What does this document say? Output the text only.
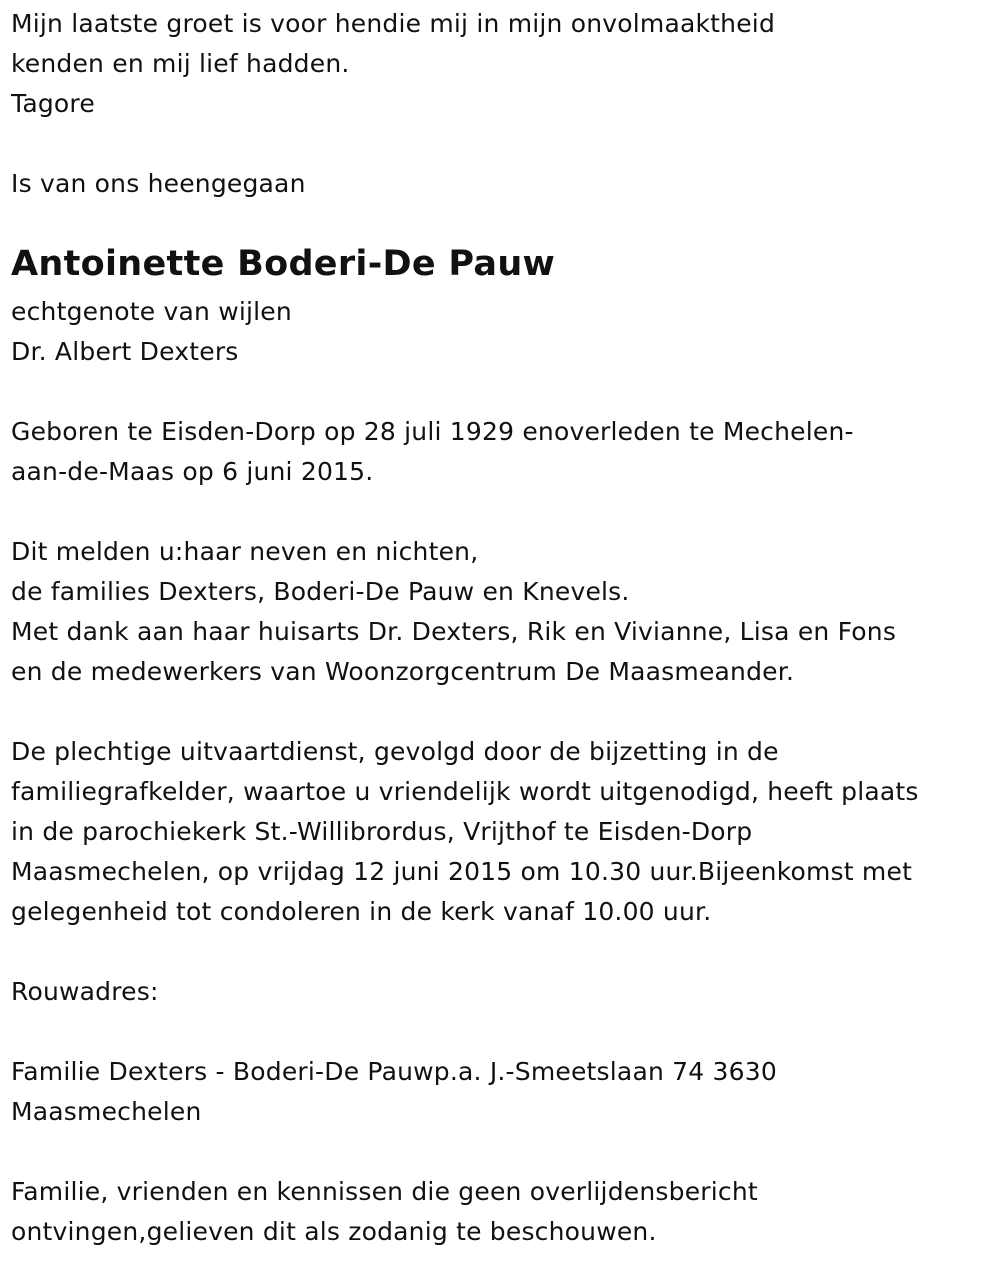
Mijn laatste groet is voor hendie mij in mijn onvolmaaktheid
kenden en mij lief hadden.
Tagore
Is van ons heengegaan
Antoinette Boderi-De Pauw
echtgenote van wijlen
Dr. Albert Dexters
Geboren te Eisden-Dorp op 28 juli 1929 enoverleden te Mechelen-
aan-de-Maas op 6 juni 2015.
Dit melden u:haar neven en nichten,
de families Dexters, Boderi-De Pauw en Knevels.
Met dank aan haar huisarts Dr. Dexters, Rik en Vivianne, Lisa en Fons
en de medewerkers van Woonzorgcentrum De Maasmeander.
De plechtige uitvaartdienst, gevolgd door de bijzetting in de
familiegrafkelder, waartoe u vriendelijk wordt uitgenodigd, heeft plaats
in de parochiekerk St.-Willibrordus, Vrijthof te Eisden-Dorp
Maasmechelen, op vrijdag 12 juni 2015 om 10.30 uur.Bijeenkomst met
gelegenheid tot condoleren in de kerk vanaf 10.00 uur.
Rouwadres:
Familie Dexters - Boderi-De Pauwp.a. J.-Smeetslaan 74 3630
Maasmechelen
Familie, vrienden en kennissen die geen overlijdensbericht
ontvingen,gelieven dit als zodanig te beschouwen.
